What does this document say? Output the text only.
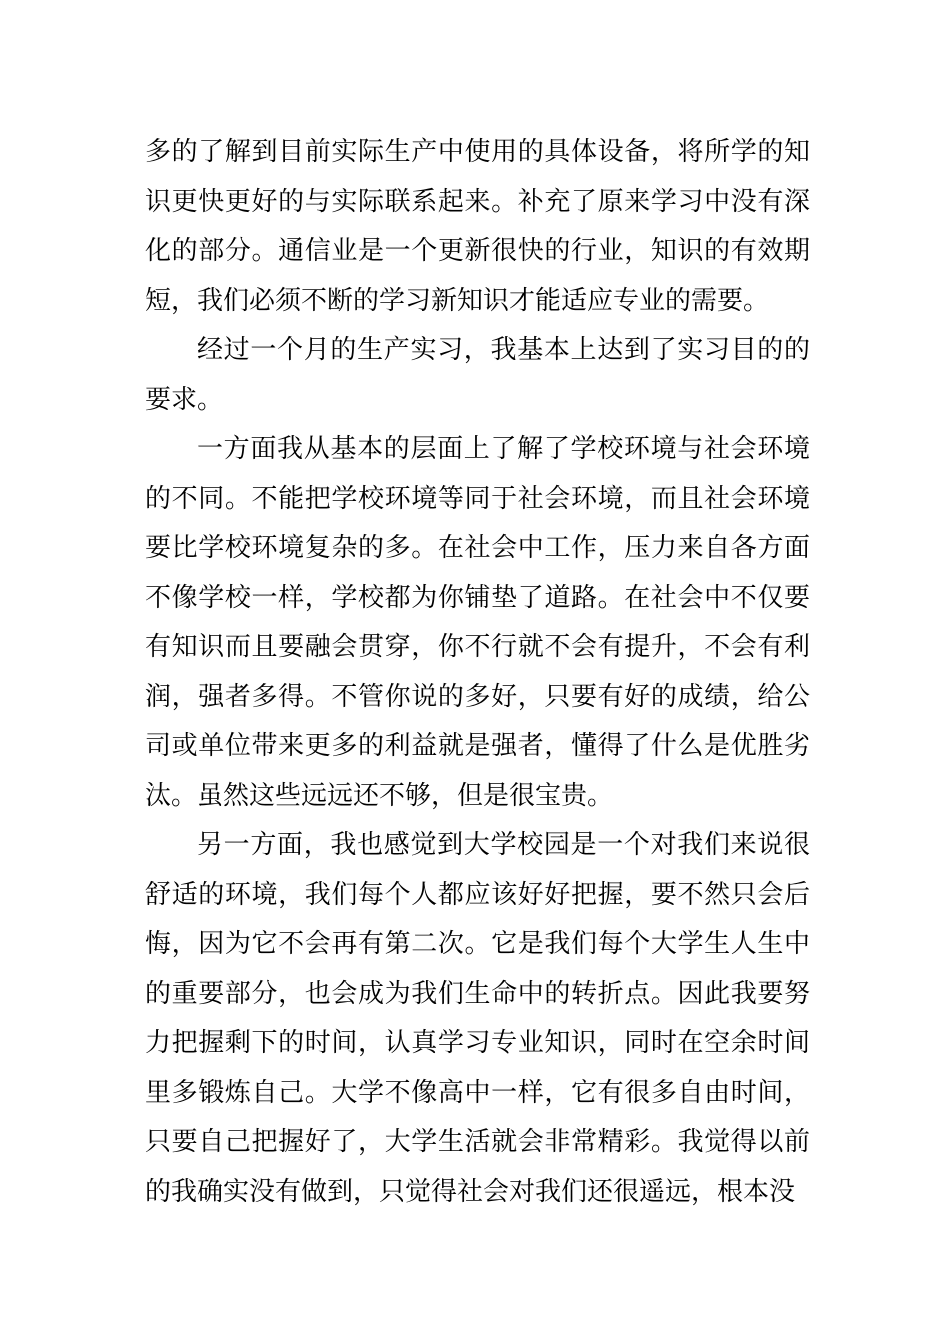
多的了解到目前实际生产中使用的具体设备，将所学的知识更快更好的与实际联系起来。补充了原来学习中没有深化的部分。通信业是一个更新很快的行业，知识的有效期短，我们必须不断的学习新知识才能适应专业的需要。

经过一个月的生产实习，我基本上达到了实习目的的要求。

一方面我从基本的层面上了解了学校环境与社会环境的不同。不能把学校环境等同于社会环境，而且社会环境要比学校环境复杂的多。在社会中工作，压力来自各方面不像学校一样，学校都为你铺垫了道路。在社会中不仅要有知识而且要融会贯穿，你不行就不会有提升，不会有利润，强者多得。不管你说的多好，只要有好的成绩，给公司或单位带来更多的利益就是强者，懂得了什么是优胜劣汰。虽然这些远远还不够，但是很宝贵。

另一方面，我也感觉到大学校园是一个对我们来说很舒适的环境，我们每个人都应该好好把握，要不然只会后悔，因为它不会再有第二次。它是我们每个大学生人生中的重要部分，也会成为我们生命中的转折点。因此我要努力把握剩下的时间，认真学习专业知识，同时在空余时间里多锻炼自己。大学不像高中一样，它有很多自由时间，只要自己把握好了，大学生活就会非常精彩。我觉得以前的我确实没有做到，只觉得社会对我们还很遥远，根本没
